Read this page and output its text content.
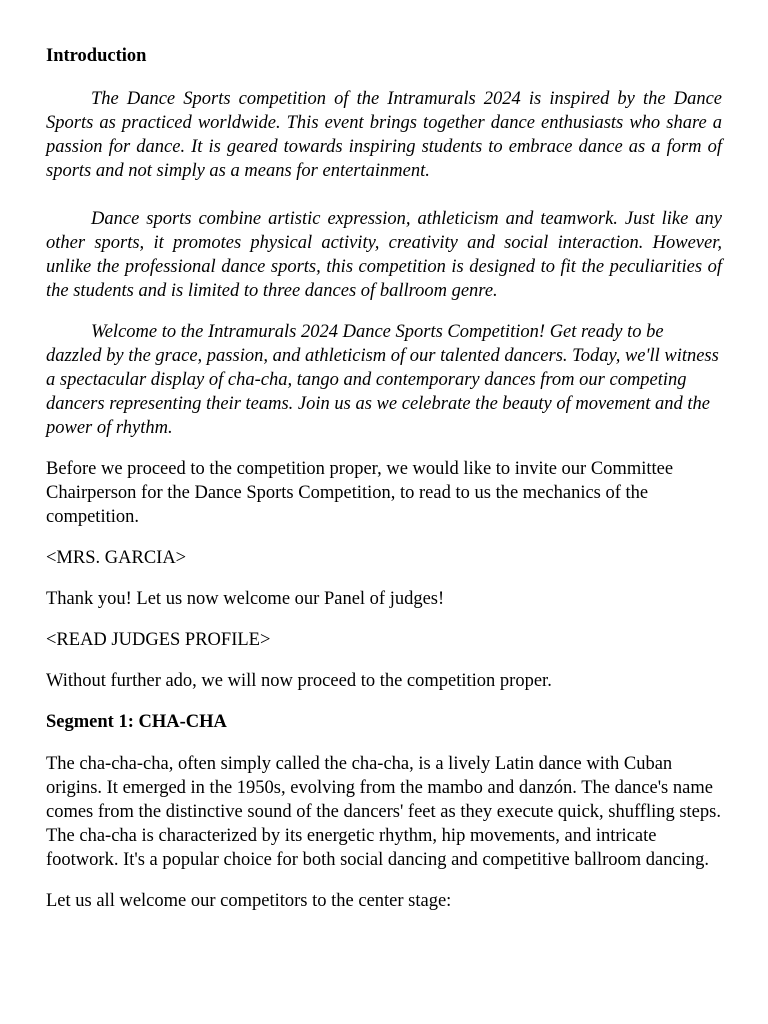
Introduction

The Dance Sports competition of the Intramurals 2024 is inspired by the Dance Sports as practiced worldwide. This event brings together dance enthusiasts who share a passion for dance. It is geared towards inspiring students to embrace dance as a form of sports and not simply as a means for entertainment.

Dance sports combine artistic expression, athleticism and teamwork. Just like any other sports, it promotes physical activity, creativity and social interaction. However, unlike the professional dance sports, this competition is designed to fit the peculiarities of the students and is limited to three dances of ballroom genre.

Welcome to the Intramurals 2024 Dance Sports Competition! Get ready to be dazzled by the grace, passion, and athleticism of our talented dancers. Today, we'll witness a spectacular display of cha-cha, tango and contemporary dances from our competing dancers representing their teams. Join us as we celebrate the beauty of movement and the power of rhythm.

Before we proceed to the competition proper, we would like to invite our Committee Chairperson for the Dance Sports Competition, to read to us the mechanics of the competition.

<MRS. GARCIA>

Thank you! Let us now welcome our Panel of judges!

<READ JUDGES PROFILE>

Without further ado, we will now proceed to the competition proper.

Segment 1: CHA-CHA

The cha-cha-cha, often simply called the cha-cha, is a lively Latin dance with Cuban origins. It emerged in the 1950s, evolving from the mambo and danzón. The dance's name comes from the distinctive sound of the dancers' feet as they execute quick, shuffling steps. The cha-cha is characterized by its energetic rhythm, hip movements, and intricate footwork. It's a popular choice for both social dancing and competitive ballroom dancing.

Let us all welcome our competitors to the center stage:
